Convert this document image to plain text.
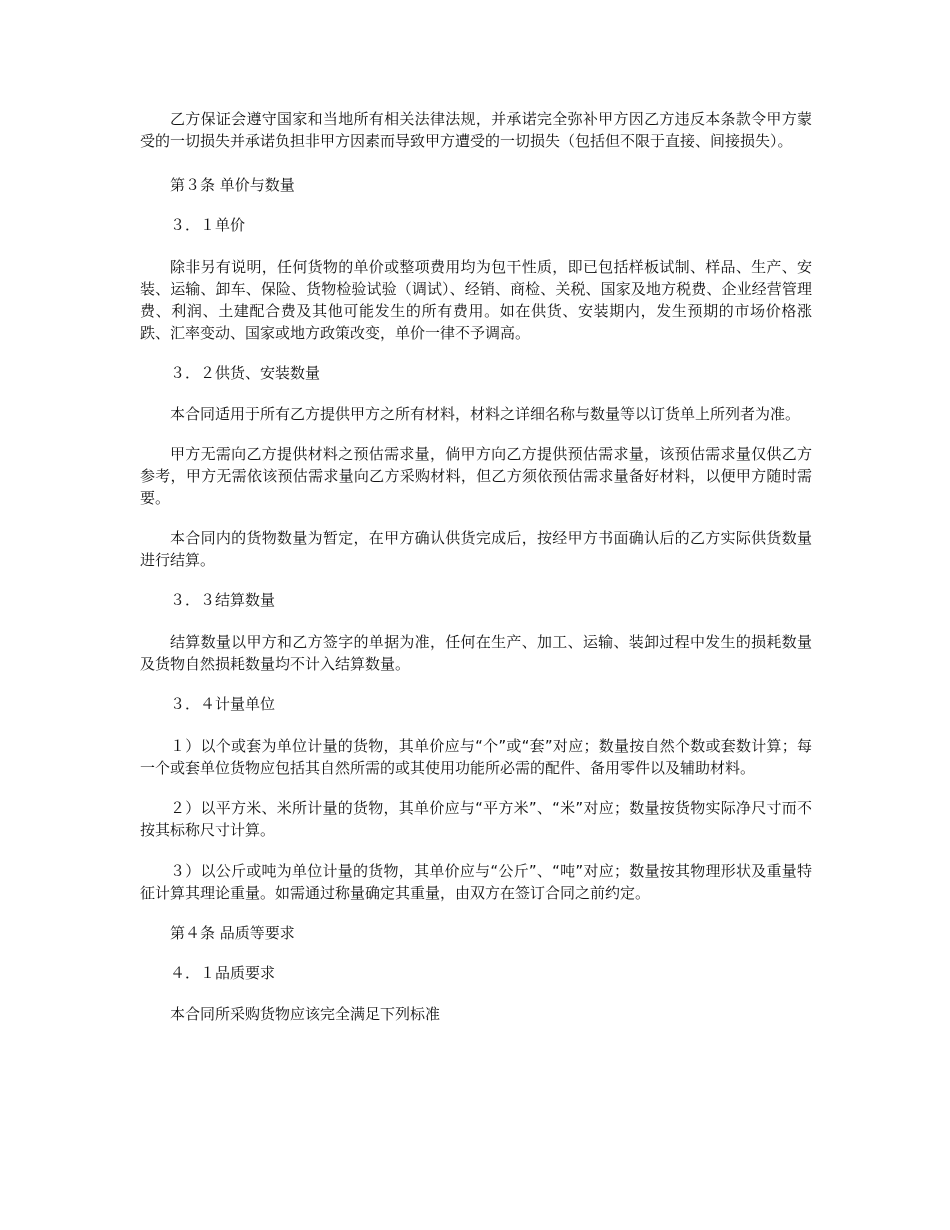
乙方保证会遵守国家和当地所有相关法律法规，并承诺完全弥补甲方因乙方违反本条款令甲方蒙受的一切损失并承诺负担非甲方因素而导致甲方遭受的一切损失（包括但不限于直接、间接损失）。

第３条 单价与数量

３．１单价

除非另有说明，任何货物的单价或整项费用均为包干性质，即已包括样板试制、样品、生产、安装、运输、卸车、保险、货物检验试验（调试）、经销、商检、关税、国家及地方税费、企业经营管理费、利润、土建配合费及其他可能发生的所有费用。如在供货、安装期内，发生预期的市场价格涨跌、汇率变动、国家或地方政策改变，单价一律不予调高。

３．２供货、安装数量

本合同适用于所有乙方提供甲方之所有材料，材料之详细名称与数量等以订货单上所列者为准。

甲方无需向乙方提供材料之预估需求量，倘甲方向乙方提供预估需求量，该预估需求量仅供乙方参考，甲方无需依该预估需求量向乙方采购材料，但乙方须依预估需求量备好材料，以便甲方随时需要。

本合同内的货物数量为暂定，在甲方确认供货完成后，按经甲方书面确认后的乙方实际供货数量进行结算。

３．３结算数量

结算数量以甲方和乙方签字的单据为准，任何在生产、加工、运输、装卸过程中发生的损耗数量及货物自然损耗数量均不计入结算数量。

３．４计量单位

１）以个或套为单位计量的货物，其单价应与“个”或“套”对应；数量按自然个数或套数计算；每一个或套单位货物应包括其自然所需的或其使用功能所必需的配件、备用零件以及辅助材料。

２）以平方米、米所计量的货物，其单价应与“平方米”、“米”对应；数量按货物实际净尺寸而不按其标称尺寸计算。

３）以公斤或吨为单位计量的货物，其单价应与“公斤”、“吨”对应；数量按其物理形状及重量特征计算其理论重量。如需通过称量确定其重量，由双方在签订合同之前约定。

第４条 品质等要求

４．１品质要求

本合同所采购货物应该完全满足下列标准
